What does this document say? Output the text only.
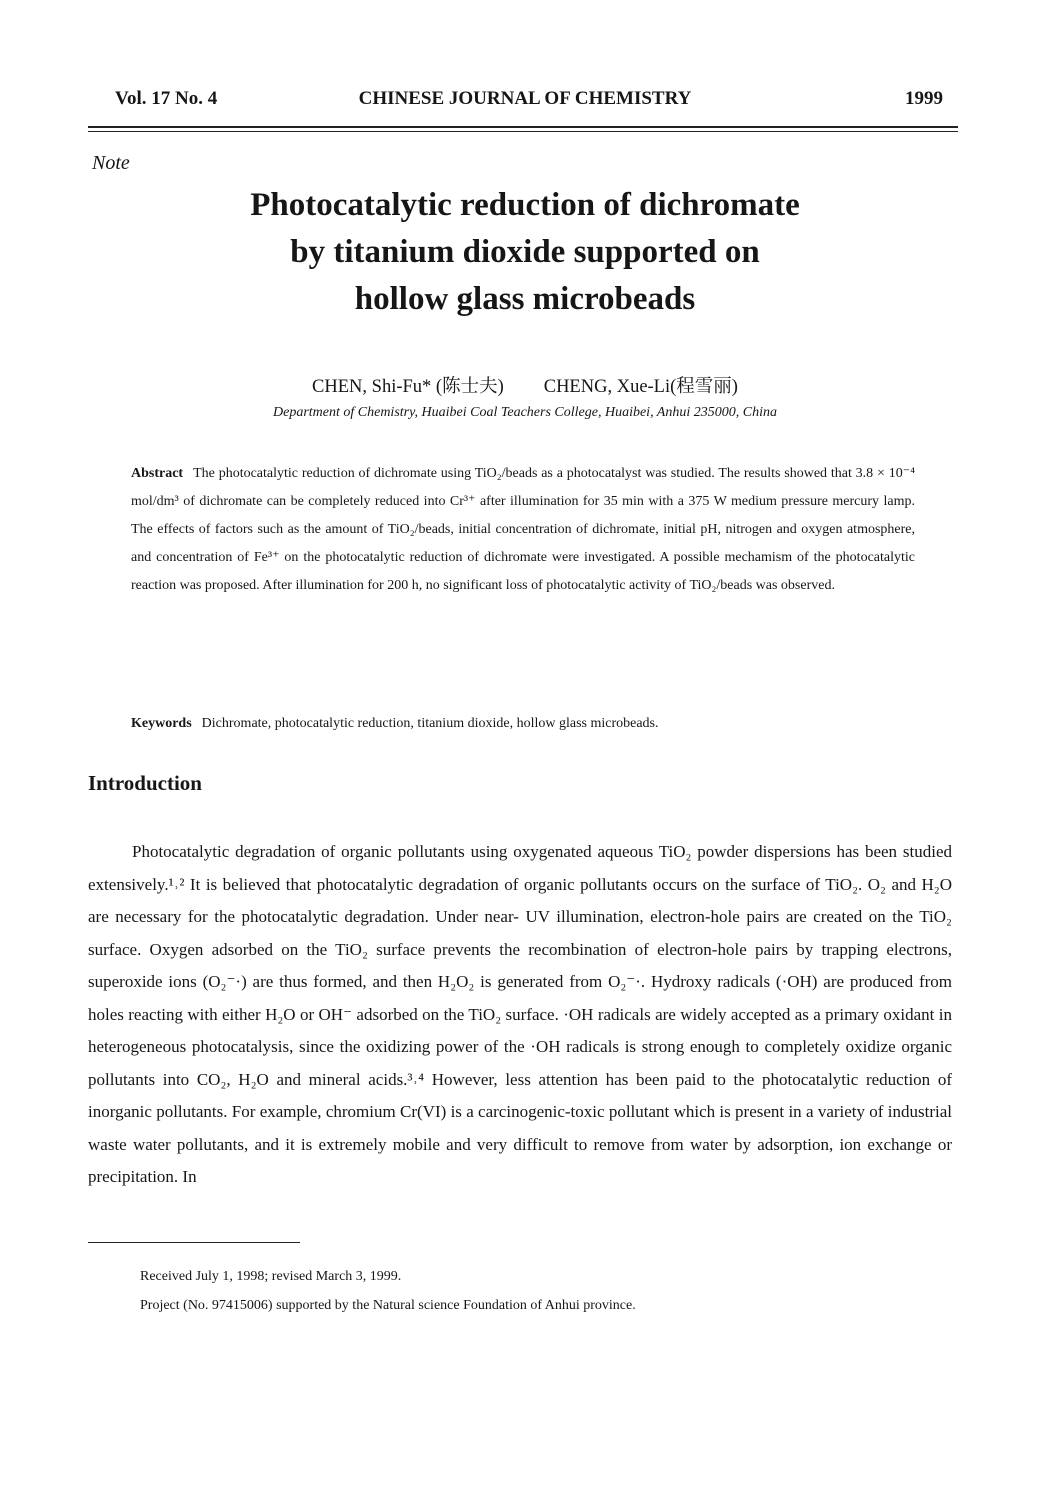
Vol. 17 No. 4	CHINESE JOURNAL OF CHEMISTRY	1999
Note
Photocatalytic reduction of dichromate
by titanium dioxide supported on
hollow glass microbeads
CHEN, Shi-Fu* (陈士夫) CHENG, Xue-Li(程雪丽)
Department of Chemistry, Huaibei Coal Teachers College, Huaibei, Anhui 235000, China
Abstract The photocatalytic reduction of dichromate using TiO₂/beads as a photocatalyst was studied. The results showed that 3.8 × 10⁻⁴ mol/dm³ of dichromate can be completely reduced into Cr³⁺ after illumination for 35 min with a 375 W medium pressure mercury lamp. The effects of factors such as the amount of TiO₂/beads, initial concentration of dichromate, initial pH, nitrogen and oxygen atmosphere, and concentration of Fe³⁺ on the photocatalytic reduction of dichromate were investigated. A possible mechamism of the photocatalytic reaction was proposed. After illumination for 200 h, no significant loss of photocatalytic activity of TiO₂/beads was observed.
Keywords Dichromate, photocatalytic reduction, titanium dioxide, hollow glass microbeads.
Introduction

Photocatalytic degradation of organic pollutants using oxygenated aqueous TiO₂ powder dispersions has been studied extensively.¹˒² It is believed that photocatalytic degradation of organic pollutants occurs on the surface of TiO₂. O₂ and H₂O are necessary for the photocatalytic degradation. Under near- UV illumination, electron-hole pairs are created on the TiO₂ surface. Oxygen adsorbed on the TiO₂ surface prevents the recombination of electron-hole pairs by trapping electrons, superoxide ions (O₂⁻·) are thus formed, and then H₂O₂ is generated from O₂⁻·. Hydroxy radicals (·OH) are produced from holes reacting with either H₂O or OH⁻ adsorbed on the TiO₂ surface. ·OH radicals are widely accepted as a primary oxidant in heterogeneous photocatalysis, since the oxidizing power of the ·OH radicals is strong enough to completely oxidize organic pollutants into CO₂, H₂O and mineral acids.³˒⁴ However, less attention has been paid to the photocatalytic reduction of inorganic pollutants. For example, chromium Cr(VI) is a carcinogenic-toxic pollutant which is present in a variety of industrial waste water pollutants, and it is extremely mobile and very difficult to remove from water by adsorption, ion exchange or precipitation. In

Received July 1, 1998; revised March 3, 1999.
Project (No. 97415006) supported by the Natural science Foundation of Anhui province.
